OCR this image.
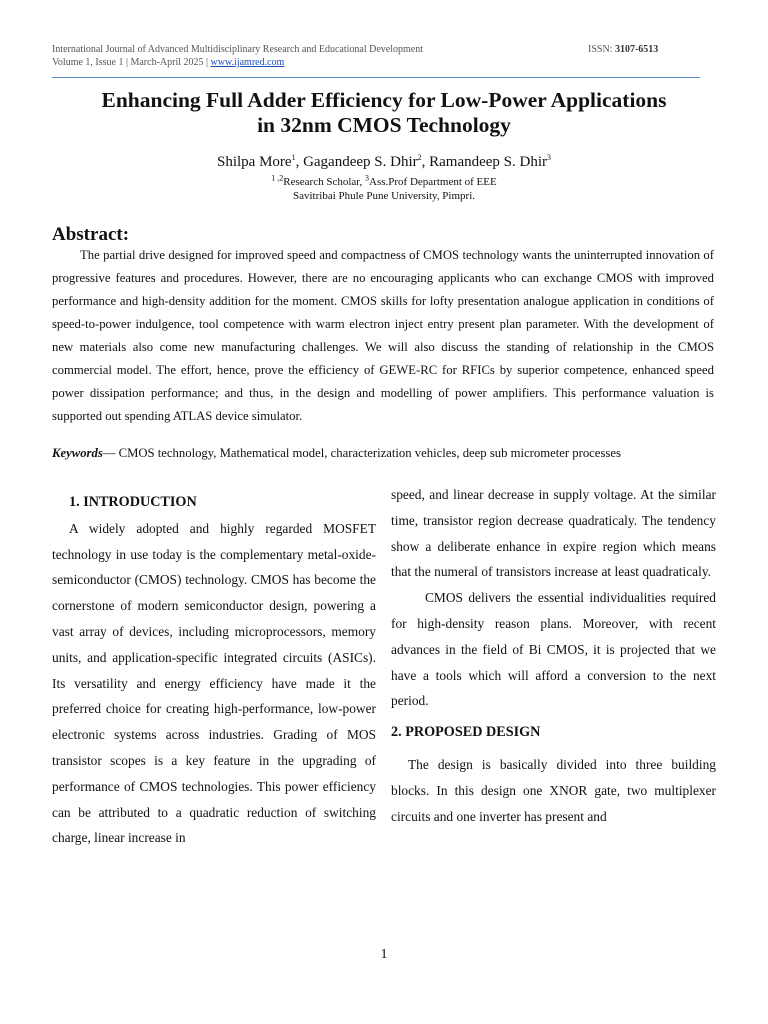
International Journal of Advanced Multidisciplinary Research and Educational Development	ISSN: 3107-6513

Volume 1, Issue 1 | March-April 2025 | www.ijamred.com
Enhancing Full Adder Efficiency for Low-Power Applications
in 32nm CMOS Technology
Shilpa More$^1$, Gagandeep S. Dhir$^2$, Ramandeep S. Dhir$^3$
$^{1 ,2}$Research Scholar, $^3$Ass.Prof Department of EEE
Savitribai Phule Pune University, Pimpri.
Abstract:

The partial drive designed for improved speed and compactness of CMOS technology wants the uninterrupted innovation of progressive features and procedures. However, there are no encouraging applicants who can exchange CMOS with improved performance and high-density addition for the moment. CMOS skills for lofty presentation analogue application in conditions of speed-to-power indulgence, tool competence with warm electron inject entry present plan parameter. With the development of new materials also come new manufacturing challenges. We will also discuss the standing of relationship in the CMOS commercial model. The effort, hence, prove the efficiency of GEWE-RC for RFICs by superior competence, enhanced speed power dissipation performance; and thus, in the design and modelling of power amplifiers. This performance valuation is supported out spending ATLAS device simulator.

Keywords— CMOS technology, Mathematical model, characterization vehicles, deep sub micrometer processes

1. INTRODUCTION

A widely adopted and highly regarded MOSFET technology in use today is the complementary metal-oxide-semiconductor (CMOS) technology. CMOS has become the cornerstone of modern semiconductor design, powering a vast array of devices, including microprocessors, memory units, and application-specific integrated circuits (ASICs). Its versatility and energy efficiency have made it the preferred choice for creating high-performance, low-power electronic systems across industries. Grading of MOS transistor scopes is a key feature in the upgrading of performance of CMOS technologies. This power efficiency can be attributed to a quadratic reduction of switching charge, linear increase in

speed, and linear decrease in supply voltage. At the similar time, transistor region decrease quadraticaly. The tendency show a deliberate enhance in expire region which means that the numeral of transistors increase at least quadraticaly.

CMOS delivers the essential individualities required for high-density reason plans. Moreover, with recent advances in the field of Bi CMOS, it is projected that we have a tools which will afford a conversion to the next period.

2. PROPOSED DESIGN

The design is basically divided into three building blocks. In this design one XNOR gate, two multiplexer circuits and one inverter has present and

1
